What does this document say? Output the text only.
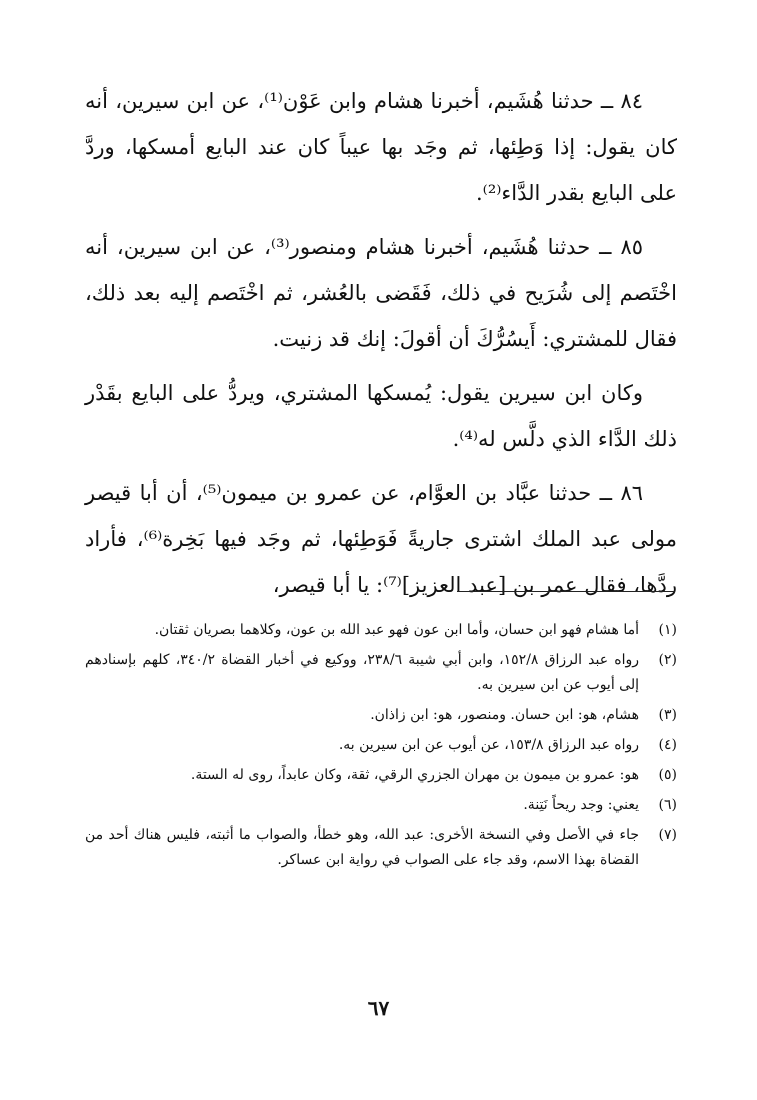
٨٤ ــ حدثنا هُشَيم، أخبرنا هشام وابن عَوْن⁽¹⁾، عن ابن سيرين، أنه كان يقول: إذا وَطِئها، ثم وجَد بها عيباً كان عند البايع أمسكها، وردَّ على البايع بقدر الدَّاء⁽²⁾.

٨٥ ــ حدثنا هُشَيم، أخبرنا هشام ومنصور⁽³⁾، عن ابن سيرين، أنه اخْتَصم إلى شُرَيح في ذلك، فَقَضى بالعُشر، ثم اخْتَصم إليه بعد ذلك، فقال للمشتري: أَيسُرُّكَ أن أقولَ: إنك قد زنيت.

وكان ابن سيرين يقول: يُمسكها المشتري، ويردُّ على البايع بقَدْر ذلك الدَّاء الذي دلَّس له⁽⁴⁾.

٨٦ ــ حدثنا عبَّاد بن العوَّام، عن عمرو بن ميمون⁽⁵⁾، أن أبا قيصر مولى عبد الملك اشترى جاريةً فَوَطِئها، ثم وجَد فيها بَخِرة⁽⁶⁾، فأراد ردَّها، فقال عمر بن [عبد العزيز]⁽⁷⁾: يا أبا قيصر،

(١)
أما هشام فهو ابن حسان، وأما ابن عون فهو عبد الله بن عون، وكلاهما بصريان ثقتان.
(٢)
رواه عبد الرزاق ١٥٢/٨، وابن أبي شيبة ٢٣٨/٦، ووكيع في أخبار القضاة ٣٤٠/٢، كلهم بإسنادهم إلى أيوب عن ابن سيرين به.
(٣)
هشام، هو: ابن حسان. ومنصور، هو: ابن زاذان.
(٤)
رواه عبد الرزاق ١٥٣/٨، عن أيوب عن ابن سيرين به.
(٥)
هو: عمرو بن ميمون بن مهران الجزري الرقي، ثقة، وكان عابداً، روى له الستة.
(٦)
يعني: وجد ريحاً نَتِنة.
(٧)
جاء في الأصل وفي النسخة الأخرى: عبد الله، وهو خطأ، والصواب ما أثبته، فليس هناك أحد من القضاة بهذا الاسم، وقد جاء على الصواب في رواية ابن عساكر.
٦٧
